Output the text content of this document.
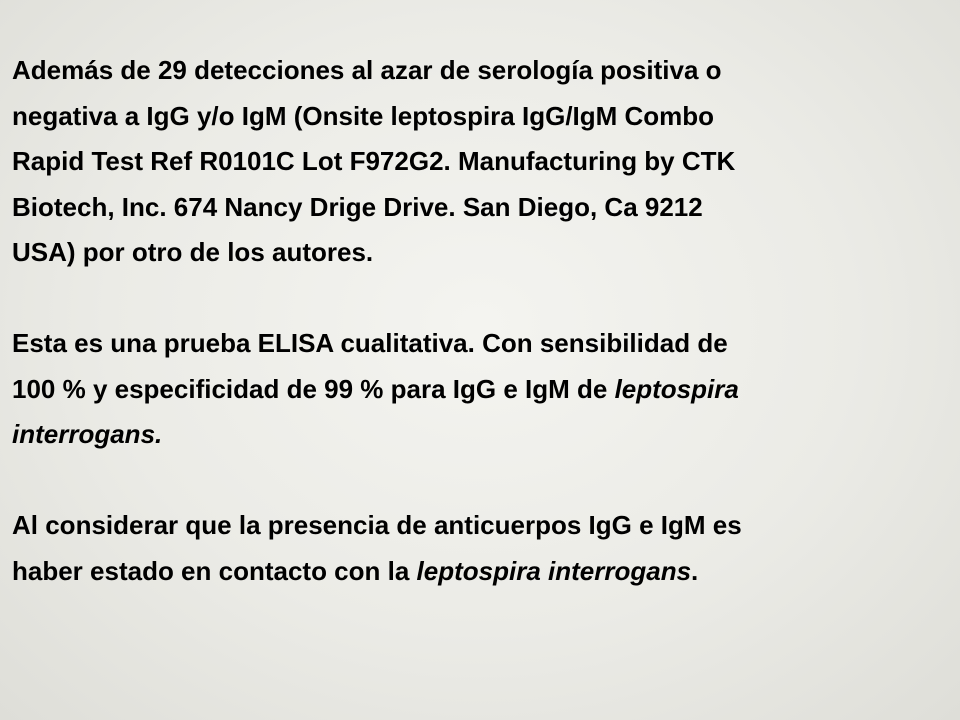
Además de 29 detecciones al azar de serología positiva o
negativa a IgG y/o IgM (Onsite leptospira IgG/IgM Combo
Rapid Test Ref R0101C Lot F972G2. Manufacturing by CTK
Biotech, Inc. 674 Nancy Drige Drive. San Diego, Ca 9212
USA) por otro de los autores.

Esta es una prueba ELISA cualitativa. Con sensibilidad de
100 % y especificidad de 99 % para IgG e IgM de leptospira
interrogans.

Al considerar que la presencia de anticuerpos IgG e IgM es
haber estado en contacto con la leptospira interrogans.
